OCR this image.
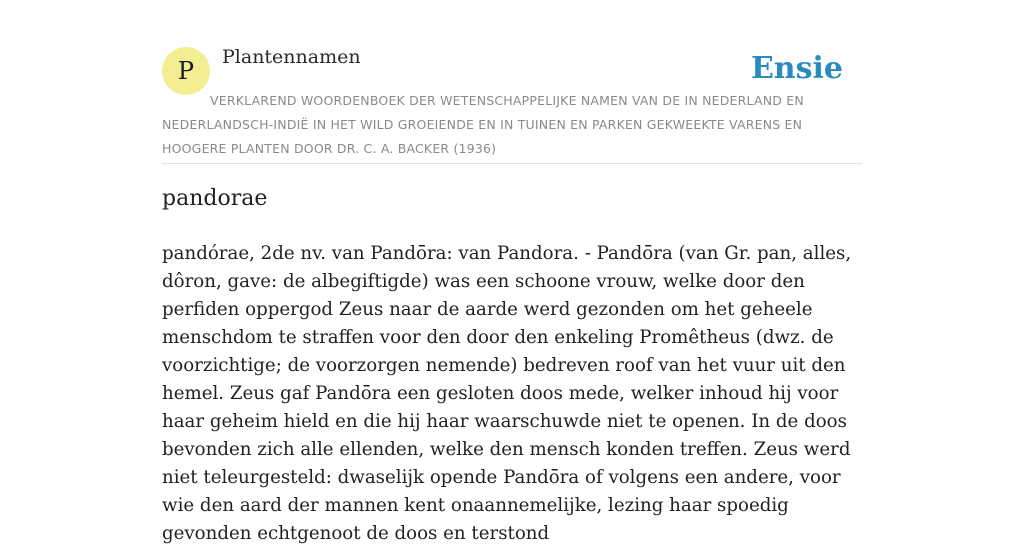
P Plantennamen	Ensie
VERKLAREND WOORDENBOEK DER WETENSCHAPPELIJKE NAMEN VAN DE IN NEDERLAND EN NEDERLANDSCH-INDIË IN HET WILD GROEIENDE EN IN TUINEN EN PARKEN GEKWEEKTE VARENS EN HOOGERE PLANTEN DOOR DR. C. A. BACKER (1936)
pandorae

pandórae, 2de nv. van Pandō̄ra: van Pandora. - Pandō̄ra (van Gr. pan, alles, dôron, gave: de albegiftigde) was een schoone vrouw, welke door den perfiden oppergod Zeus naar de aarde werd gezonden om het geheele menschdom te straffen voor den door den enkeling Promêtheus (dwz. de voorzichtige; de voorzorgen nemende) bedreven roof van het vuur uit den hemel. Zeus gaf Pandō̄ra een gesloten doos mede, welker inhoud hij voor haar geheim hield en die hij haar waarschuwde niet te openen. In de doos bevonden zich alle ellenden, welke den mensch konden treffen. Zeus werd niet teleurgesteld: dwaselijk opende Pandō̄ra of volgens een andere, voor wie den aard der mannen kent onaannemelijke, lezing haar spoedig gevonden echtgenoot de doos en terstond
